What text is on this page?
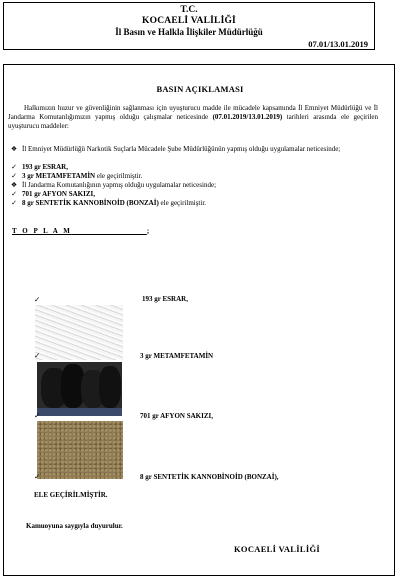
T.C.
KOCAELİ VALİLİĞİ
İl Basın ve Halkla İlişkiler Müdürlüğü
07.01/13.01.2019
BASIN AÇIKLAMASI
Halkımızın huzur ve güvenliğinin sağlanması için uyuşturucu madde ile mücadele kapsamında İl Emniyet Müdürlüğü ve İl Jandarma Komutanlığımızın yapmış olduğu çalışmalar neticesinde (07.01.2019/13.01.2019) tarihleri arasında ele geçirilen uyuşturucu maddeler:
❖ İl Emniyet Müdürlüğü Narkotik Suçlarla Mücadele Şube Müdürlüğünün yapmış olduğu uygulamalar neticesinde;
✓ 193 gr ESRAR,
✓ 3 gr METAMFETAMİN ele geçirilmiştir.
❖ İl Jandarma Komutanlığının yapmış olduğu uygulamalar neticesinde;
✓ 701 gr AFYON SAKIZI,
✓ 8 gr SENTETİK KANNOBİNOİD (BONZAİ) ele geçirilmiştir.
T O P L A M	;
✓	193 gr ESRAR,
✓	3 gr METAMFETAMİN
✓	701 gr AFYON SAKIZI,
✓	8 gr SENTETİK KANNOBİNOİD (BONZAİ),
ELE GEÇİRİLMİŞTİR.
Kamuoyuna saygıyla duyurulur.
KOCAELİ VALİLİĞİ
